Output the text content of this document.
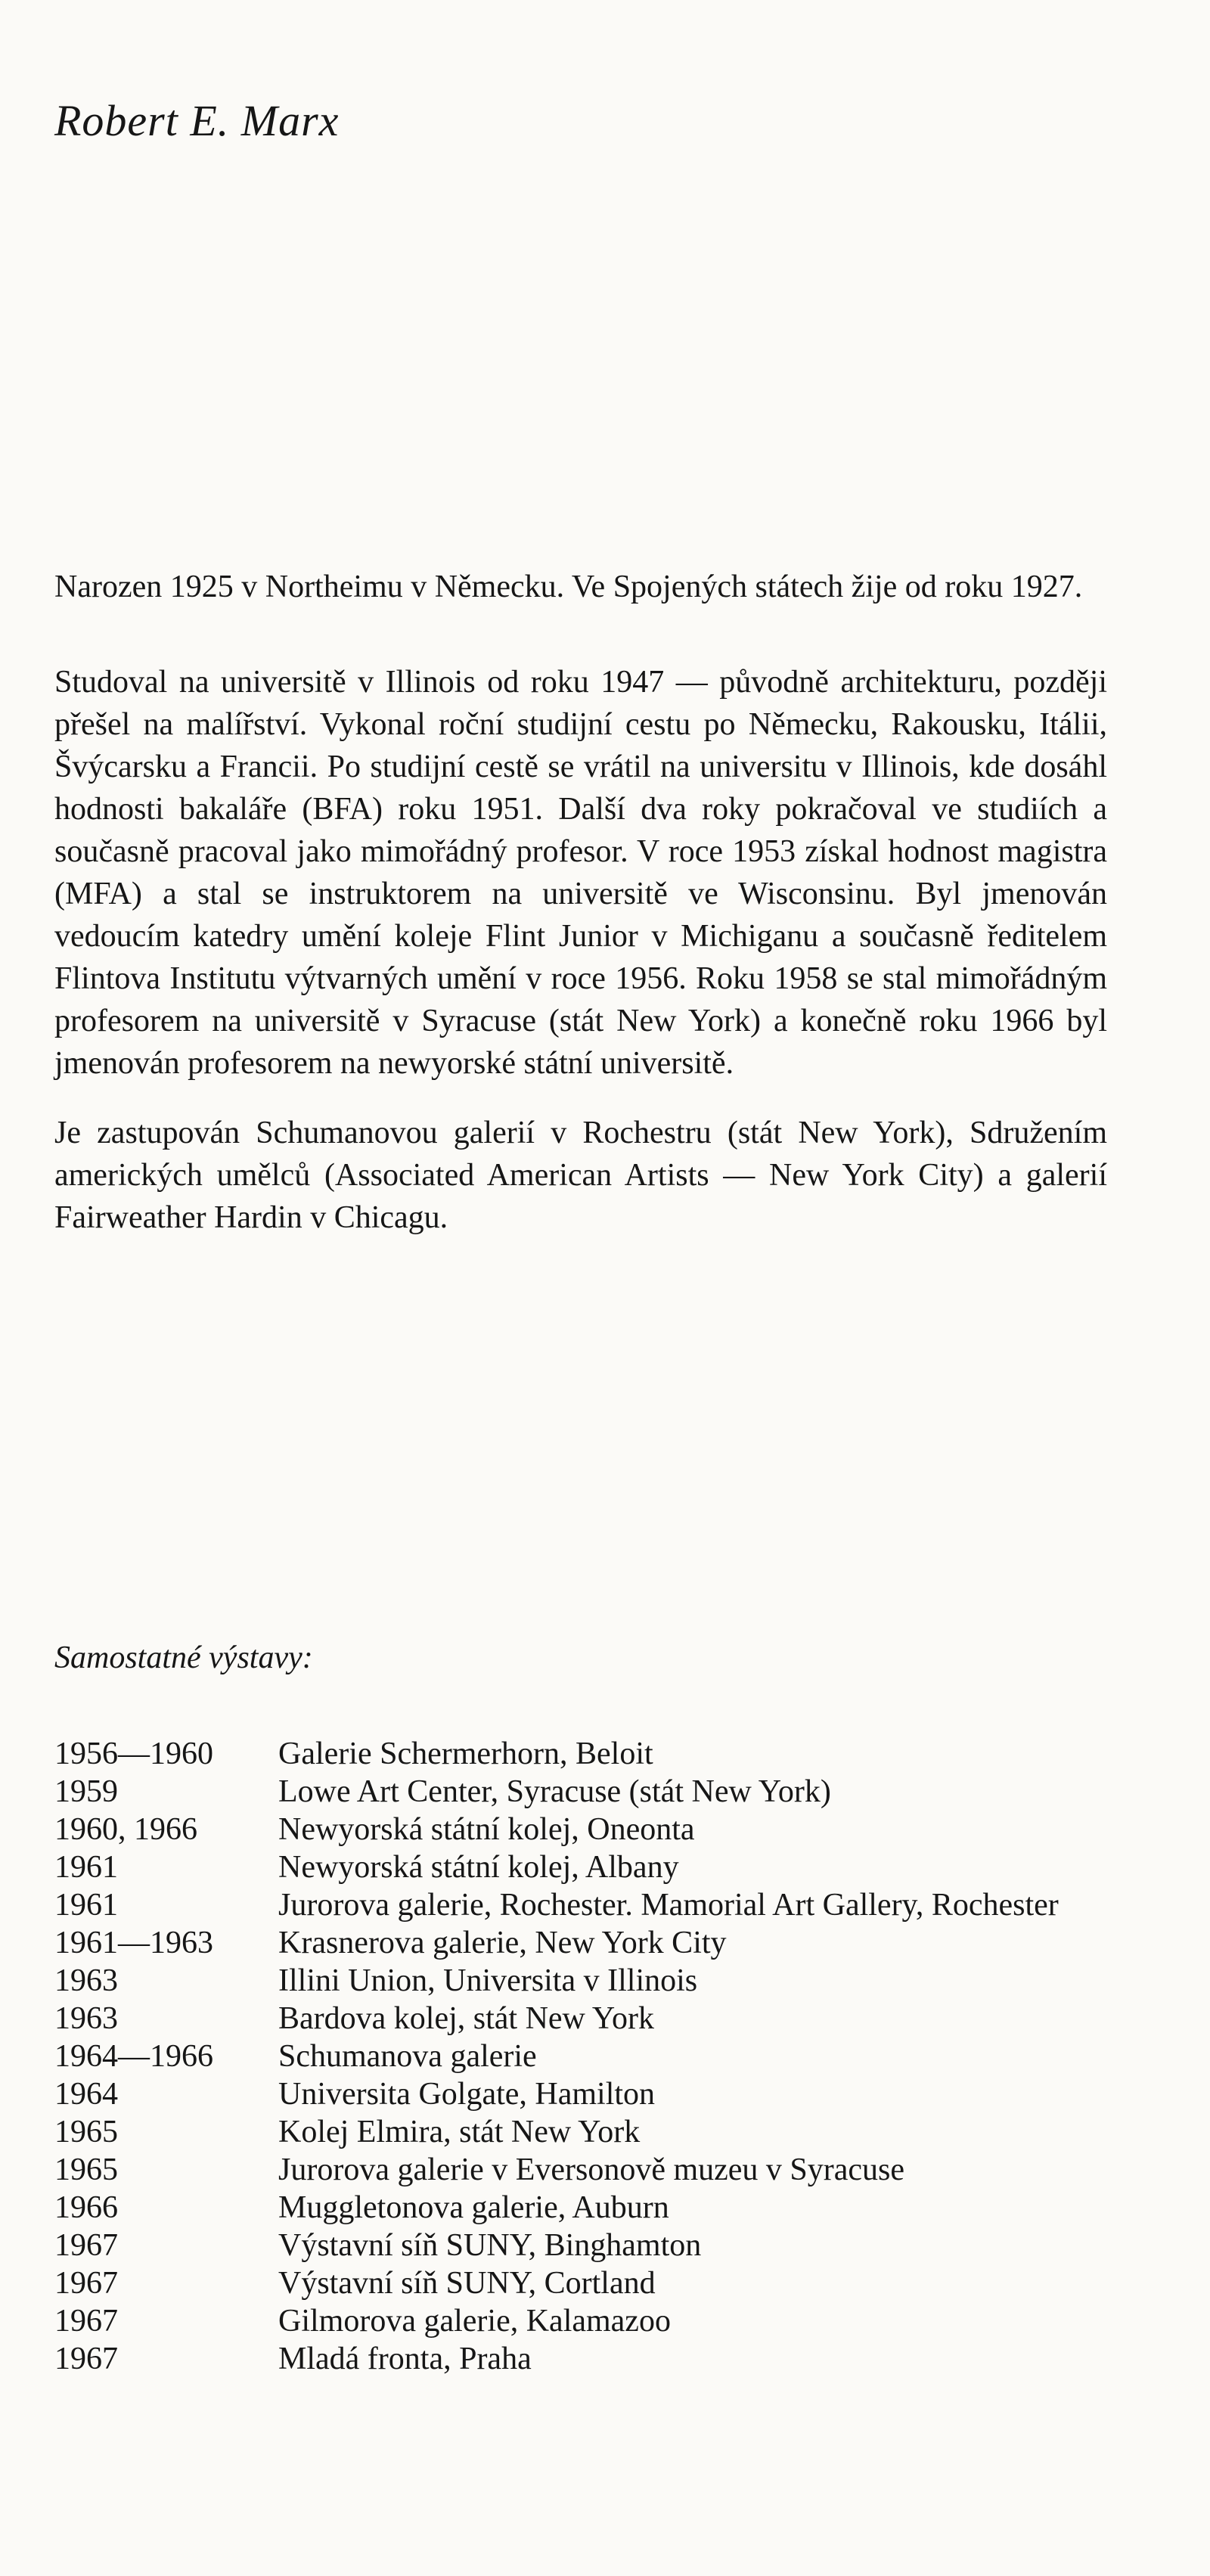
Robert E. Marx

Narozen 1925 v Northeimu v Německu. Ve Spojených státech žije od roku 1927.

Studoval na universitě v Illinois od roku 1947 — původně architekturu, později přešel na malířství. Vykonal roční studijní cestu po Německu, Rakousku, Itálii, Švýcarsku a Francii. Po studijní cestě se vrátil na universitu v Illinois, kde dosáhl hodnosti bakaláře (BFA) roku 1951. Další dva roky pokračoval ve studiích a současně pracoval jako mimořádný profesor. V roce 1953 získal hodnost magistra (MFA) a stal se instruktorem na universitě ve Wisconsinu. Byl jmenován vedoucím katedry umění koleje Flint Junior v Michiganu a současně ředitelem Flintova Institutu výtvarných umění v roce 1956. Roku 1958 se stal mimořádným profesorem na universitě v Syracuse (stát New York) a konečně roku 1966 byl jmenován profesorem na newyorské státní universitě.

Je zastupován Schumanovou galerií v Rochestru (stát New York), Sdružením amerických umělců (Associated American Artists — New York City) a galerií Fairweather Hardin v Chicagu.

Samostatné výstavy:
1956—1960	Galerie Schermerhorn, Beloit
1959	Lowe Art Center, Syracuse (stát New York)
1960, 1966	Newyorská státní kolej, Oneonta
1961	Newyorská státní kolej, Albany
1961	Jurorova galerie, Rochester. Mamorial Art Gallery, Rochester
1961—1963	Krasnerova galerie, New York City
1963	Illini Union, Universita v Illinois
1963	Bardova kolej, stát New York
1964—1966	Schumanova galerie
1964	Universita Golgate, Hamilton
1965	Kolej Elmira, stát New York
1965	Jurorova galerie v Eversonově muzeu v Syracuse
1966	Muggletonova galerie, Auburn
1967	Výstavní síň SUNY, Binghamton
1967	Výstavní síň SUNY, Cortland
1967	Gilmorova galerie, Kalamazoo
1967	Mladá fronta, Praha
